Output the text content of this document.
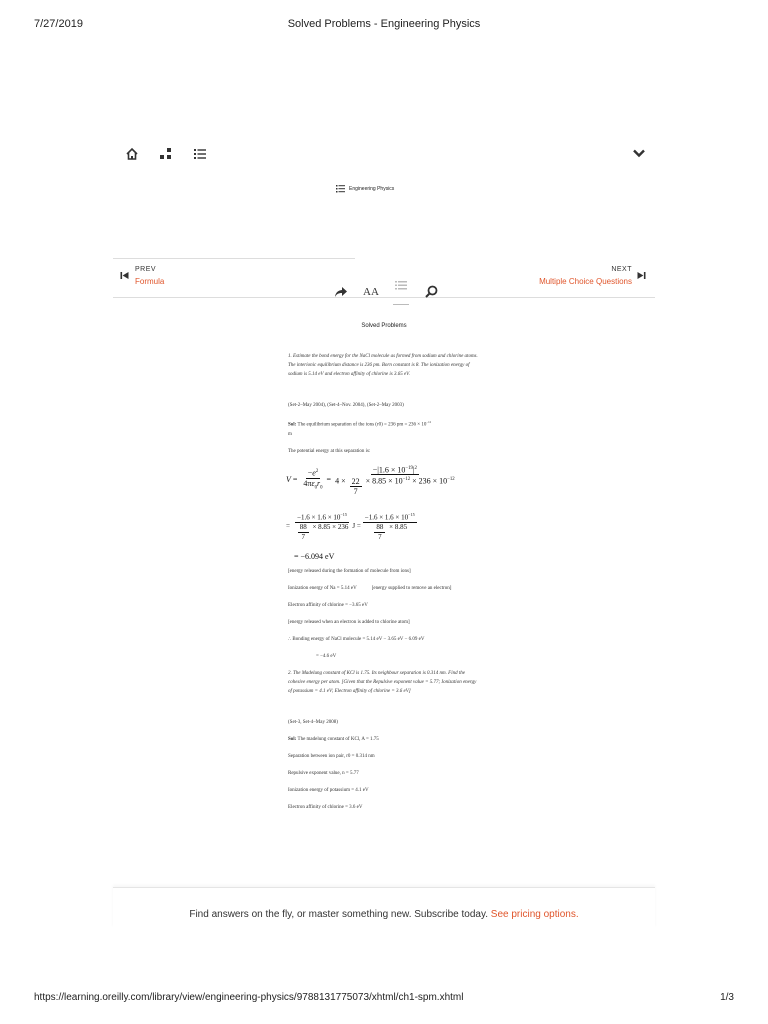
7/27/2019	Solved Problems - Engineering Physics
Engineering Physics
PREV
Formula
NEXT
Multiple Choice Questions
AA
Solved Problems

1. Estimate the bond energy for the NaCl molecule as formed from sodium and chlorine atoms. The interionic equilibrium distance is 236 pm. Born constant is 8. The ionization energy of sodium is 5.14 eV and electron affinity of chlorine is 3.65 eV.

(Set-2–May 2004), (Set-4–Nov. 2004), (Set-2–May 2003)

Sol: The equilibrium separation of the ions (r0) = 236 pm = $236 \times 10^{-12}$
m

The potential energy at this separation is:

$V = \frac{-e^2}{4\pi\varepsilon_0r_0} = \frac{-|1.6 \times 10^{-19}|^2}{4 \times \frac{22}{7} \times 8.85 \times 10^{-12} \times 236 \times 10^{-12}}$
= $\frac{-1.6 \times 1.6 \times 10^{-15}}{\frac{88}{7} \times 8.85 \times 236}$ $J = \frac{-1.6 \times 1.6 \times 10^{-15}}{\frac{88}{7} \times 8.85}$
= −6.094 eV

[energy released during the formation of molecule from ions]

Ionization energy of Na = 5.14 eV	[energy supplied to remove an electron]

Electron affinity of chlorine = −3.65 eV

[energy released when an electron is added to chlorine atom]

∴ Bonding energy of NaCl molecule = 5.14 eV − 3.65 eV − 6.09 eV

= −4.6 eV

2. The Madelung constant of KCl is 1.75. Its neighbour separation is 0.314 nm. Find the cohesive energy per atom. [Given that the Repulsive exponent value = 5.77; Ionization energy of potassium = 4.1 eV; Electron affinity of chlorine = 3.6 eV]

(Set-3, Set-4–May 2008)

Sol: The madelung constant of KCl, A = 1.75

Separation between ion pair, r0 = 0.314 nm

Repulsive exponent value, n = 5.77

Ionization energy of potassium = 4.1 eV

Electron affinity of chlorine = 3.6 eV

Find answers on the fly, or master something new. Subscribe today. See pricing options.
https://learning.oreilly.com/library/view/engineering-physics/9788131775073/xhtml/ch1-spm.xhtml	1/3
